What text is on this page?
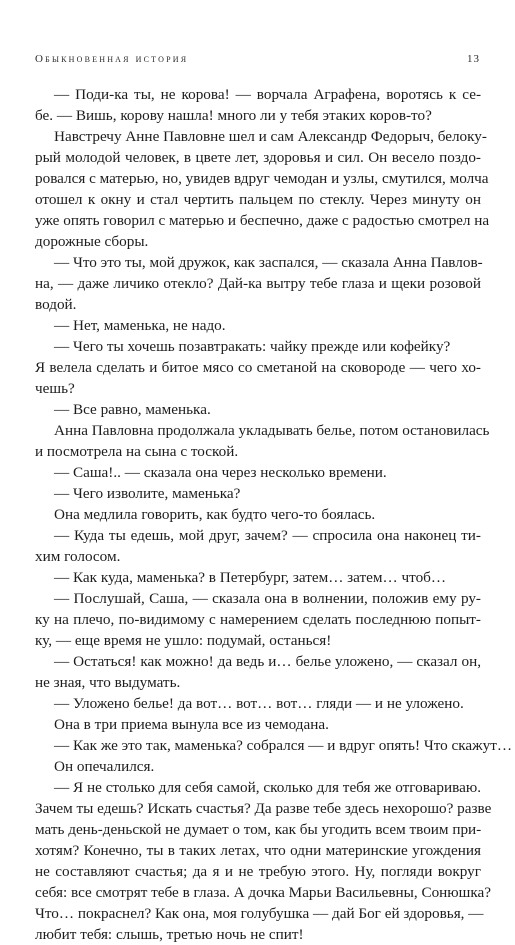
Обыкновенная история	13
— Поди-ка ты, не корова! — ворчала Аграфена, воротясь к се-
бе. — Вишь, корову нашла! много ли у тебя этаких коров-то?
Навстречу Анне Павловне шел и сам Александр Федорыч, белоку-
рый молодой человек, в цвете лет, здоровья и сил. Он весело поздо-
ровался с матерью, но, увидев вдруг чемодан и узлы, смутился, молча
отошел к окну и стал чертить пальцем по стеклу. Через минуту он
уже опять говорил с матерью и беспечно, даже с радостью смотрел на
дорожные сборы.
— Что это ты, мой дружок, как заспался, — сказала Анна Павлов-
на, — даже личико отекло? Дай-ка вытру тебе глаза и щеки розовой
водой.
— Нет, маменька, не надо.
— Чего ты хочешь позавтракать: чайку прежде или кофейку?
Я велела сделать и битое мясо со сметаной на сковороде — чего хо-
чешь?
— Все равно, маменька.
Анна Павловна продолжала укладывать белье, потом остановилась
и посмотрела на сына с тоской.
— Саша!.. — сказала она через несколько времени.
— Чего изволите, маменька?
Она медлила говорить, как будто чего-то боялась.
— Куда ты едешь, мой друг, зачем? — спросила она наконец ти-
хим голосом.
— Как куда, маменька? в Петербург, затем… затем… чтоб…
— Послушай, Саша, — сказала она в волнении, положив ему ру-
ку на плечо, по-видимому с намерением сделать последнюю попыт-
ку, — еще время не ушло: подумай, останься!
— Остаться! как можно! да ведь и… белье уложено, — сказал он,
не зная, что выдумать.
— Уложено белье! да вот… вот… вот… гляди — и не уложено.
Она в три приема вынула все из чемодана.
— Как же это так, маменька? собрался — и вдруг опять! Что скажут…
Он опечалился.
— Я не столько для себя самой, сколько для тебя же отговариваю.
Зачем ты едешь? Искать счастья? Да разве тебе здесь нехорошо? разве
мать день-деньской не думает о том, как бы угодить всем твоим при-
хотям? Конечно, ты в таких летах, что одни материнские угождения
не составляют счастья; да я и не требую этого. Ну, погляди вокруг
себя: все смотрят тебе в глаза. А дочка Марьи Васильевны, Сонюшка?
Что… покраснел? Как она, моя голубушка — дай Бог ей здоровья, —
любит тебя: слышь, третью ночь не спит!
